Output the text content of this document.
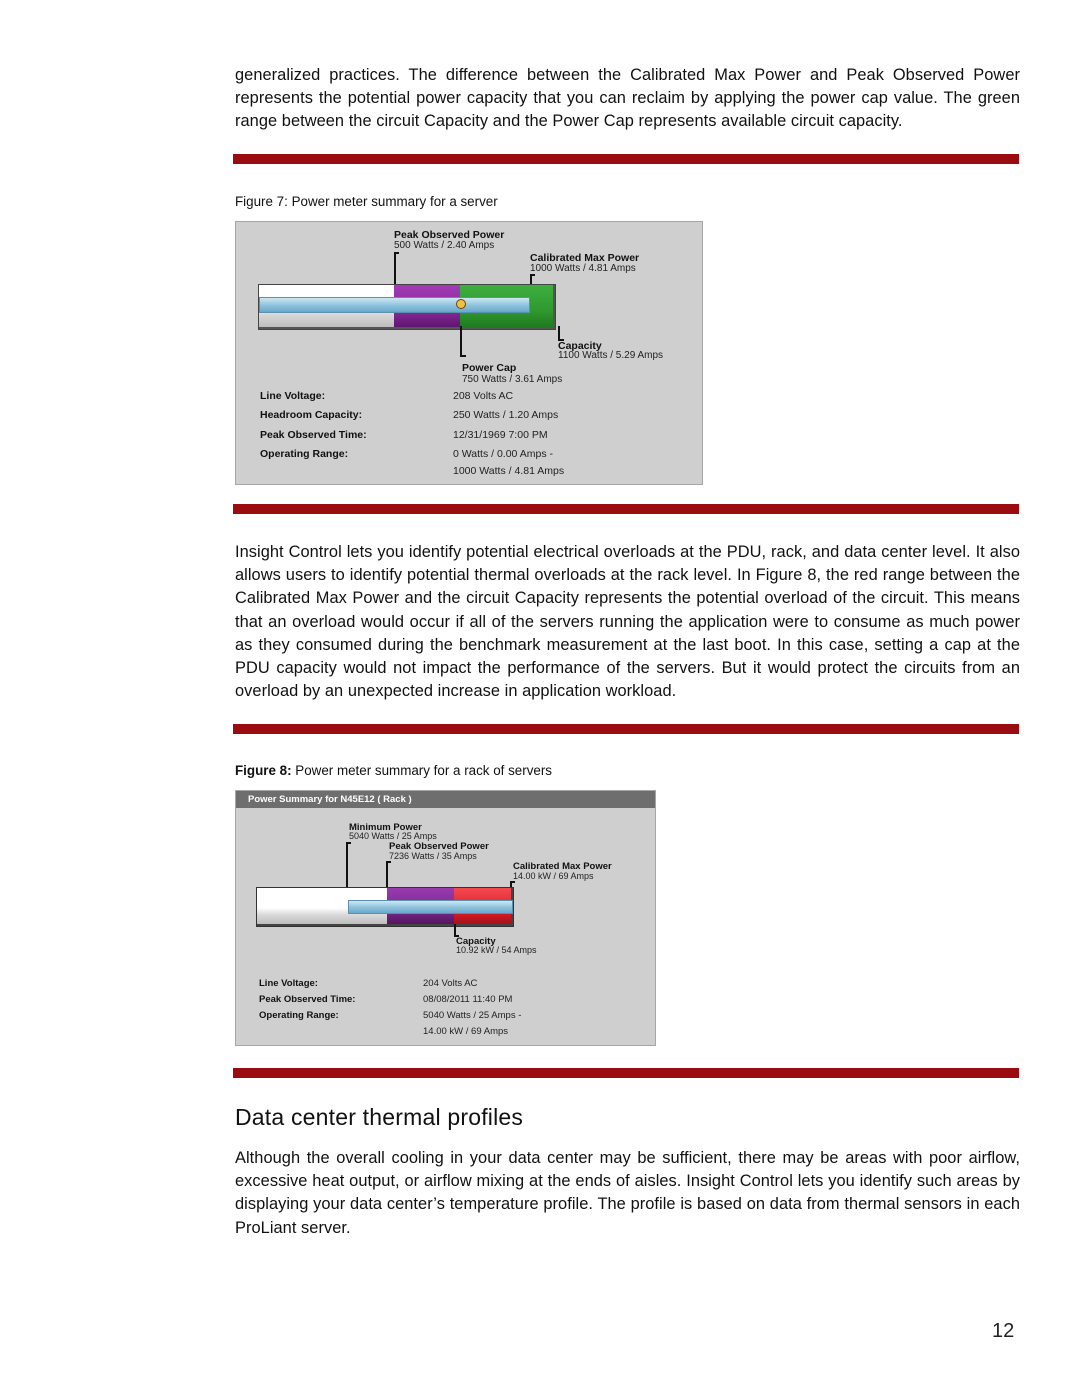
generalized practices. The difference between the Calibrated Max Power and Peak Observed Power represents the potential power capacity that you can reclaim by applying the power cap value. The green range between the circuit Capacity and the Power Cap represents available circuit capacity.

Figure 7: Power meter summary for a server

Peak Observed Power
500 Watts / 2.40 Amps
Calibrated Max Power
1000 Watts / 4.81 Amps
Capacity
1100 Watts / 5.29 Amps
Power Cap
750 Watts / 3.61 Amps
Line Voltage:	208 Volts AC
Headroom Capacity:	250 Watts / 1.20 Amps
Peak Observed Time:	12/31/1969 7:00 PM
Operating Range:	0 Watts / 0.00 Amps -
1000 Watts / 4.81 Amps

Insight Control lets you identify potential electrical overloads at the PDU, rack, and data center level. It also allows users to identify potential thermal overloads at the rack level. In Figure 8, the red range between the Calibrated Max Power and the circuit Capacity represents the potential overload of the circuit. This means that an overload would occur if all of the servers running the application were to consume as much power as they consumed during the benchmark measurement at the last boot. In this case, setting a cap at the PDU capacity would not impact the performance of the servers. But it would protect the circuits from an overload by an unexpected increase in application workload.

Figure 8: Power meter summary for a rack of servers

Power Summary for N45E12 ( Rack )
Minimum Power
5040 Watts / 25 Amps
Peak Observed Power
7236 Watts / 35 Amps
Calibrated Max Power
14.00 kW / 69 Amps
Capacity
10.92 kW / 54 Amps
Line Voltage:	204 Volts AC
Peak Observed Time:	08/08/2011 11:40 PM
Operating Range:	5040 Watts / 25 Amps -
14.00 kW / 69 Amps
Data center thermal profiles

Although the overall cooling in your data center may be sufficient, there may be areas with poor airflow, excessive heat output, or airflow mixing at the ends of aisles. Insight Control lets you identify such areas by displaying your data center’s temperature profile. The profile is based on data from thermal sensors in each ProLiant server.

12
